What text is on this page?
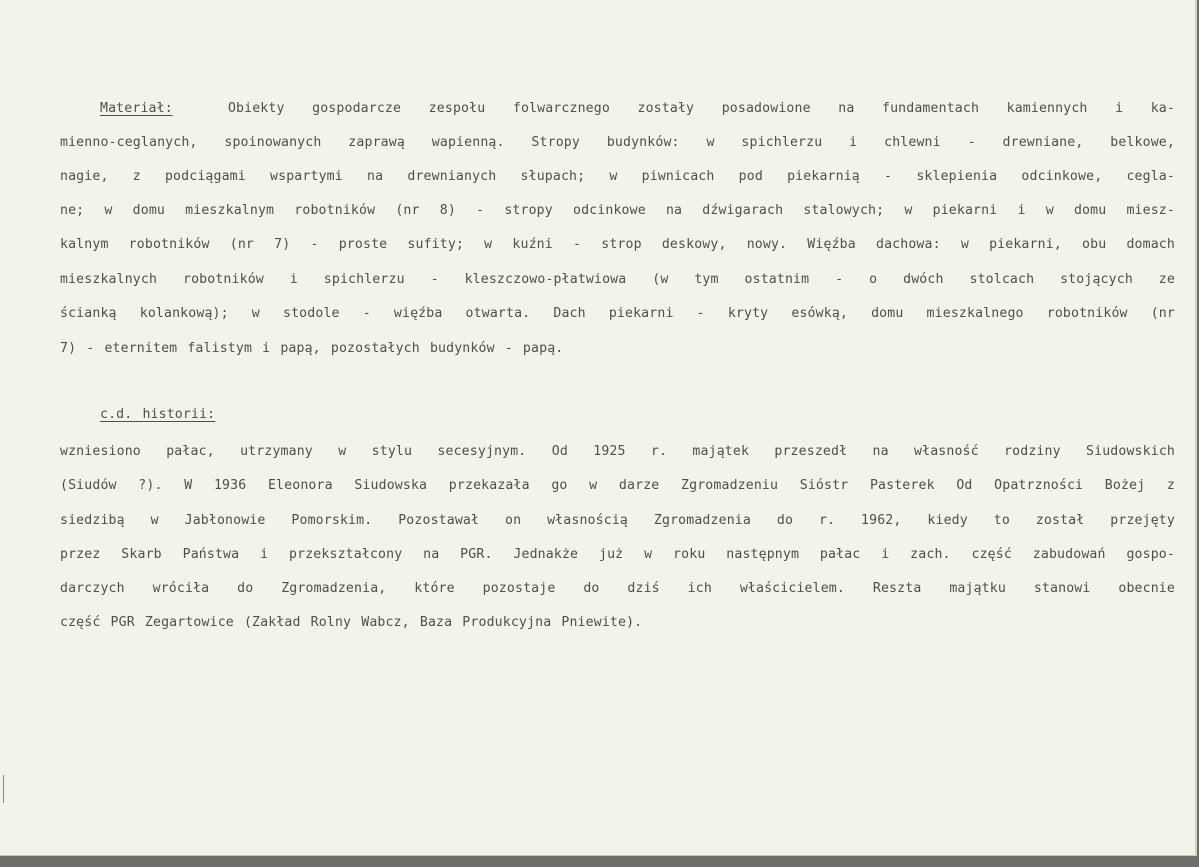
Materiał:	Obiekty gospodarcze zespołu folwarcznego zostały posadowione na fundamentach kamiennych i ka-
mienno-ceglanych, spoinowanych zaprawą wapienną. Stropy budynków: w spichlerzu i chlewni - drewniane, belkowe,
nagie, z podciągami wspartymi na drewnianych słupach; w piwnicach pod piekarnią - sklepienia odcinkowe, cegla-
ne; w domu mieszkalnym robotników (nr 8) - stropy odcinkowe na dźwigarach stalowych; w piekarni i w domu miesz-
kalnym robotników (nr 7) - proste sufity; w kuźni - strop deskowy, nowy. Więźba dachowa: w piekarni, obu domach
mieszkalnych robotników i spichlerzu - kleszczowo-płatwiowa (w tym ostatnim - o dwóch stolcach stojących ze
ścianką kolankową); w stodole - więźba otwarta. Dach piekarni - kryty esówką, domu mieszkalnego robotników (nr
7) - eternitem falistym i papą, pozostałych budynków - papą.
c.d. historii:
wzniesiono pałac, utrzymany w stylu secesyjnym. Od 1925 r. majątek przeszedł na własność rodziny Siudowskich
(Siudów ?). W 1936 Eleonora Siudowska przekazała go w darze Zgromadzeniu Sióstr Pasterek Od Opatrzności Bożej z
siedzibą w Jabłonowie Pomorskim. Pozostawał on własnością Zgromadzenia do r. 1962, kiedy to został przejęty
przez Skarb Państwa i przekształcony na PGR. Jednakże już w roku następnym pałac i zach. część zabudowań gospo-
darczych wróciła do Zgromadzenia, które pozostaje do dziś ich właścicielem. Reszta majątku stanowi obecnie
część PGR Zegartowice (Zakład Rolny Wabcz, Baza Produkcyjna Pniewite).
